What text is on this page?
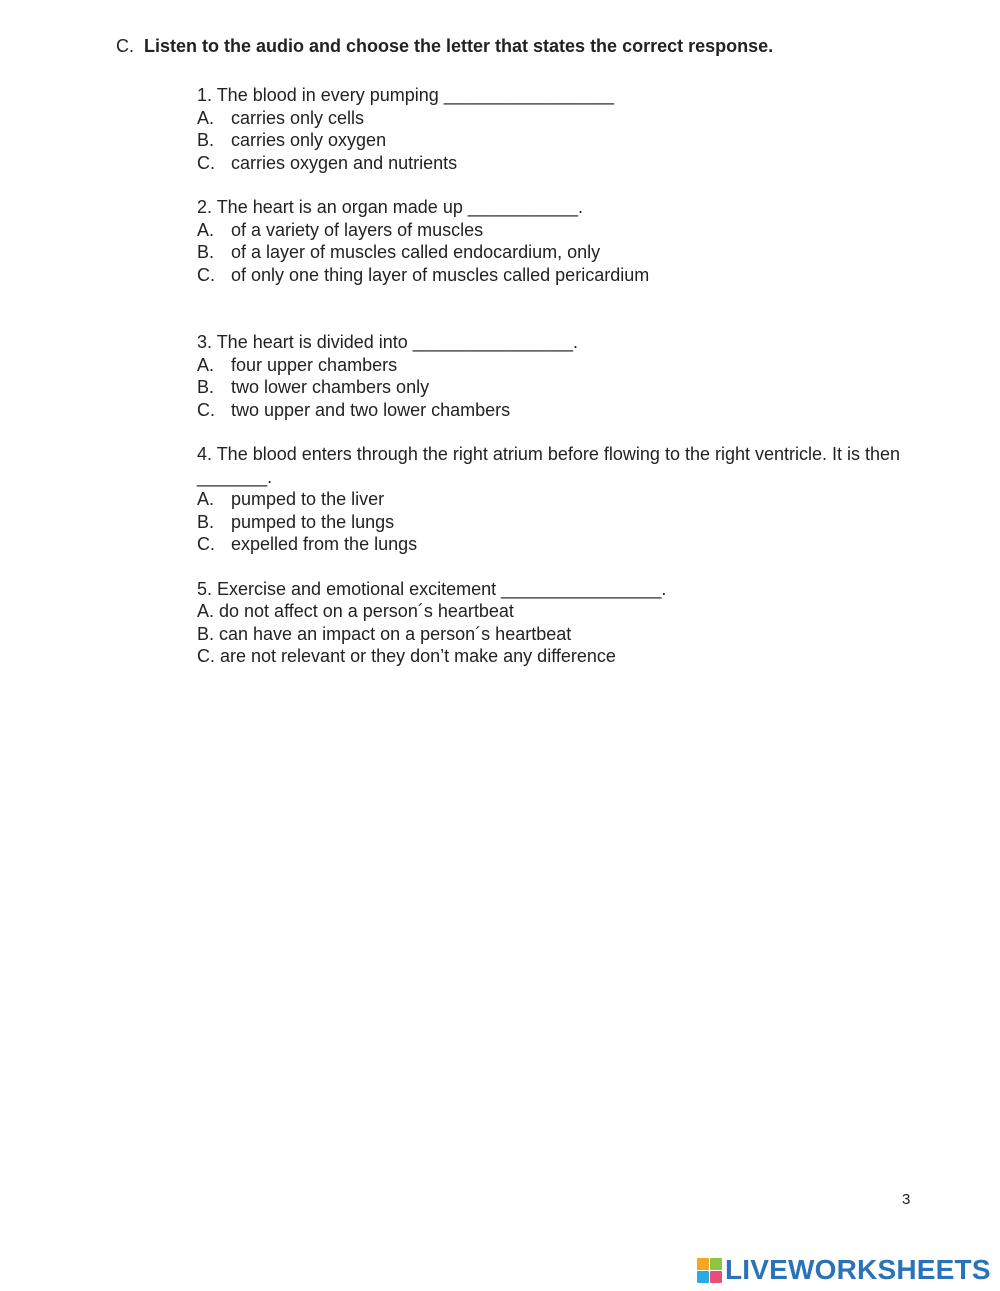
C. Listen to the audio and choose the letter that states the correct response.

1. The blood in every pumping _________________

A. carries only cells

B. carries only oxygen

C. carries oxygen and nutrients

2. The heart is an organ made up ___________.

A. of a variety of layers of muscles

B. of a layer of muscles called endocardium, only

C. of only one thing layer of muscles called pericardium

3. The heart is divided into ________________.

A. four upper chambers

B. two lower chambers only

C. two upper and two lower chambers

4. The blood enters through the right atrium before flowing to the right ventricle. It is then _______.

A. pumped to the liver

B. pumped to the lungs

C. expelled from the lungs

5. Exercise and emotional excitement ________________.

A. do not affect on a person´s heartbeat

B. can have an impact on a person´s heartbeat

C. are not relevant or they don’t make any difference

3
LIVEWORKSHEETS
